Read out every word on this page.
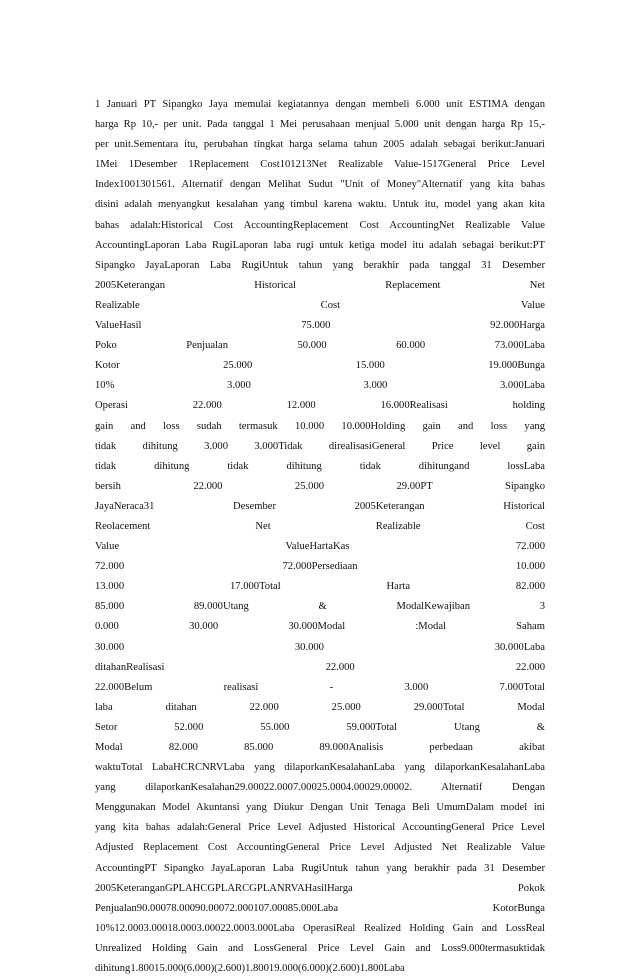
1 Januari PT Sipangko Jaya memulai kegiatannya dengan membeli 6.000 unit ESTIMA dengan
harga Rp 10,- per unit. Pada tanggal 1 Mei perusahaan menjual 5.000 unit dengan harga Rp 15,-
per unit.Sementara itu, perubahan tingkat harga selama tahun 2005 adalah sebagai berikut:Januari
1Mei 1Desember 1Replacement Cost101213Net Realizable Value-1517General Price Level
Index1001301561. Alternatif dengan Melihat Sudut "Unit of Money"Alternatif yang kita bahas
disini adalah menyangkut kesalahan yang timbul karena waktu. Untuk itu, model yang akan kita
bahas adalah:Historical Cost AccountingReplacement Cost AccountingNet Realizable Value
AccountingLaporan Laba RugiLaporan laba rugi untuk ketiga model itu adalah sebagai berikut:PT
Sipangko JayaLaporan Laba RugiUntuk tahun yang berakhir pada tanggal 31 Desember
2005Keterangan Historical Replacement Net
Realizable Cost Value
ValueHasil 75.000 92.000Harga
Poko Penjualan 50.000 60.000 73.000Laba
Kotor 25.000 15.000 19.000Bunga
10% 3.000 3.000 3.000Laba
Operasi 22.000 12.000 16.000Realisasi holding
gain and loss sudah termasuk 10.000 10.000Holding gain and loss yang
tidak dihitung 3.000 3.000Tidak direalisasiGeneral Price level gain
tidak dihitung tidak dihitung tidak dihitungand lossLaba
bersih 22.000 25.000 29.00PT Sipangko
JayaNeraca31 Desember 2005Keterangan Historical
Reolacement Net Realizable Cost
Value ValueHartaKas 72.000
72.000 72.000Persediaan 10.000
13.000 17.000Total Harta 82.000
85.000 89.000Utang & ModalKewajiban 3
0.000 30.000 30.000Modal :Modal Saham
30.000 30.000 30.000Laba
ditahanRealisasi 22.000 22.000
22.000Belum realisasi - 3.000 7.000Total
laba ditahan 22.000 25.000 29.000Total Modal
Setor 52.000 55.000 59.000Total Utang &
Modal 82.000 85.000 89.000Analisis perbedaan akibat
waktuTotal LabaHCRCNRVLaba yang dilaporkanKesalahanLaba yang dilaporkanKesalahanLaba
yang dilaporkanKesalahan29.00022.0007.00025.0004.00029.00002. Alternatif Dengan
Menggunakan Model Akuntansi yang Diukur Dengan Unit Tenaga Beli UmumDalam model ini
yang kita bahas adalah:General Price Level Adjusted Historical AccountingGeneral Price Level
Adjusted Replacement Cost AccountingGeneral Price Level Adjusted Net Realizable Value
AccountingPT Sipangko JayaLaporan Laba RugiUntuk tahun yang berakhir pada 31 Desember
2005KeteranganGPLAHCGPLARCGPLANRVAHasilHarga Pokok
Penjualan90.00078.00090.00072.000107.00085.000Laba KotorBunga
10%12.0003.00018.0003.00022.0003.000Laba OperasiReal Realized Holding Gain and LossReal
Unrealized Holding Gain and LossGeneral Price Level Gain and Loss9.000termasuktidak
dihitung1.80015.000(6.000)(2.600)1.80019.000(6.000)(2.600)1.800Laba
